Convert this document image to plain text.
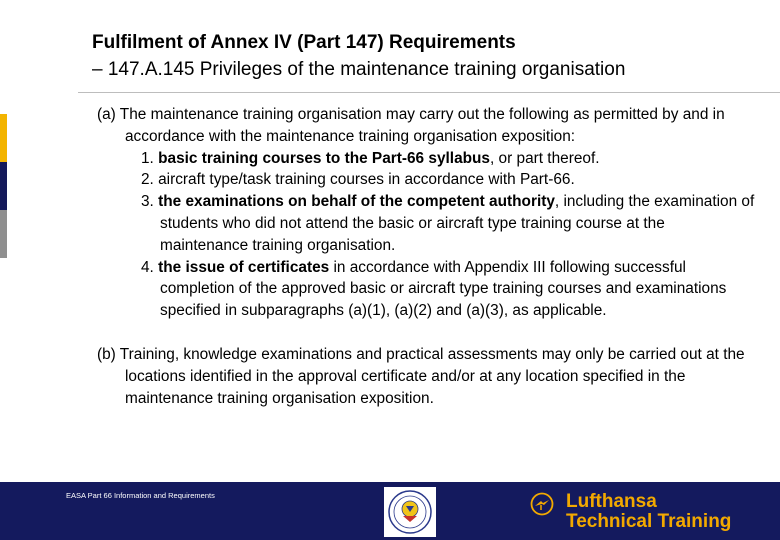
Fulfilment of Annex IV (Part 147) Requirements
– 147.A.145 Privileges of the maintenance training organisation
(a) The maintenance training organisation may carry out the following as permitted by and in accordance with the maintenance training organisation exposition:
1. basic training courses to the Part-66 syllabus, or part thereof.
2. aircraft type/task training courses in accordance with Part-66.
3. the examinations on behalf of the competent authority, including the examination of students who did not attend the basic or aircraft type training course at the maintenance training organisation.
4. the issue of certificates in accordance with Appendix III following successful completion of the approved basic or aircraft type training courses and examinations specified in subparagraphs (a)(1), (a)(2) and (a)(3), as applicable.
(b) Training, knowledge examinations and practical assessments may only be carried out at the locations identified in the approval certificate and/or at any location specified in the maintenance training organisation exposition.
EASA Part 66 Information and Requirements	Lufthansa
Technical Training
